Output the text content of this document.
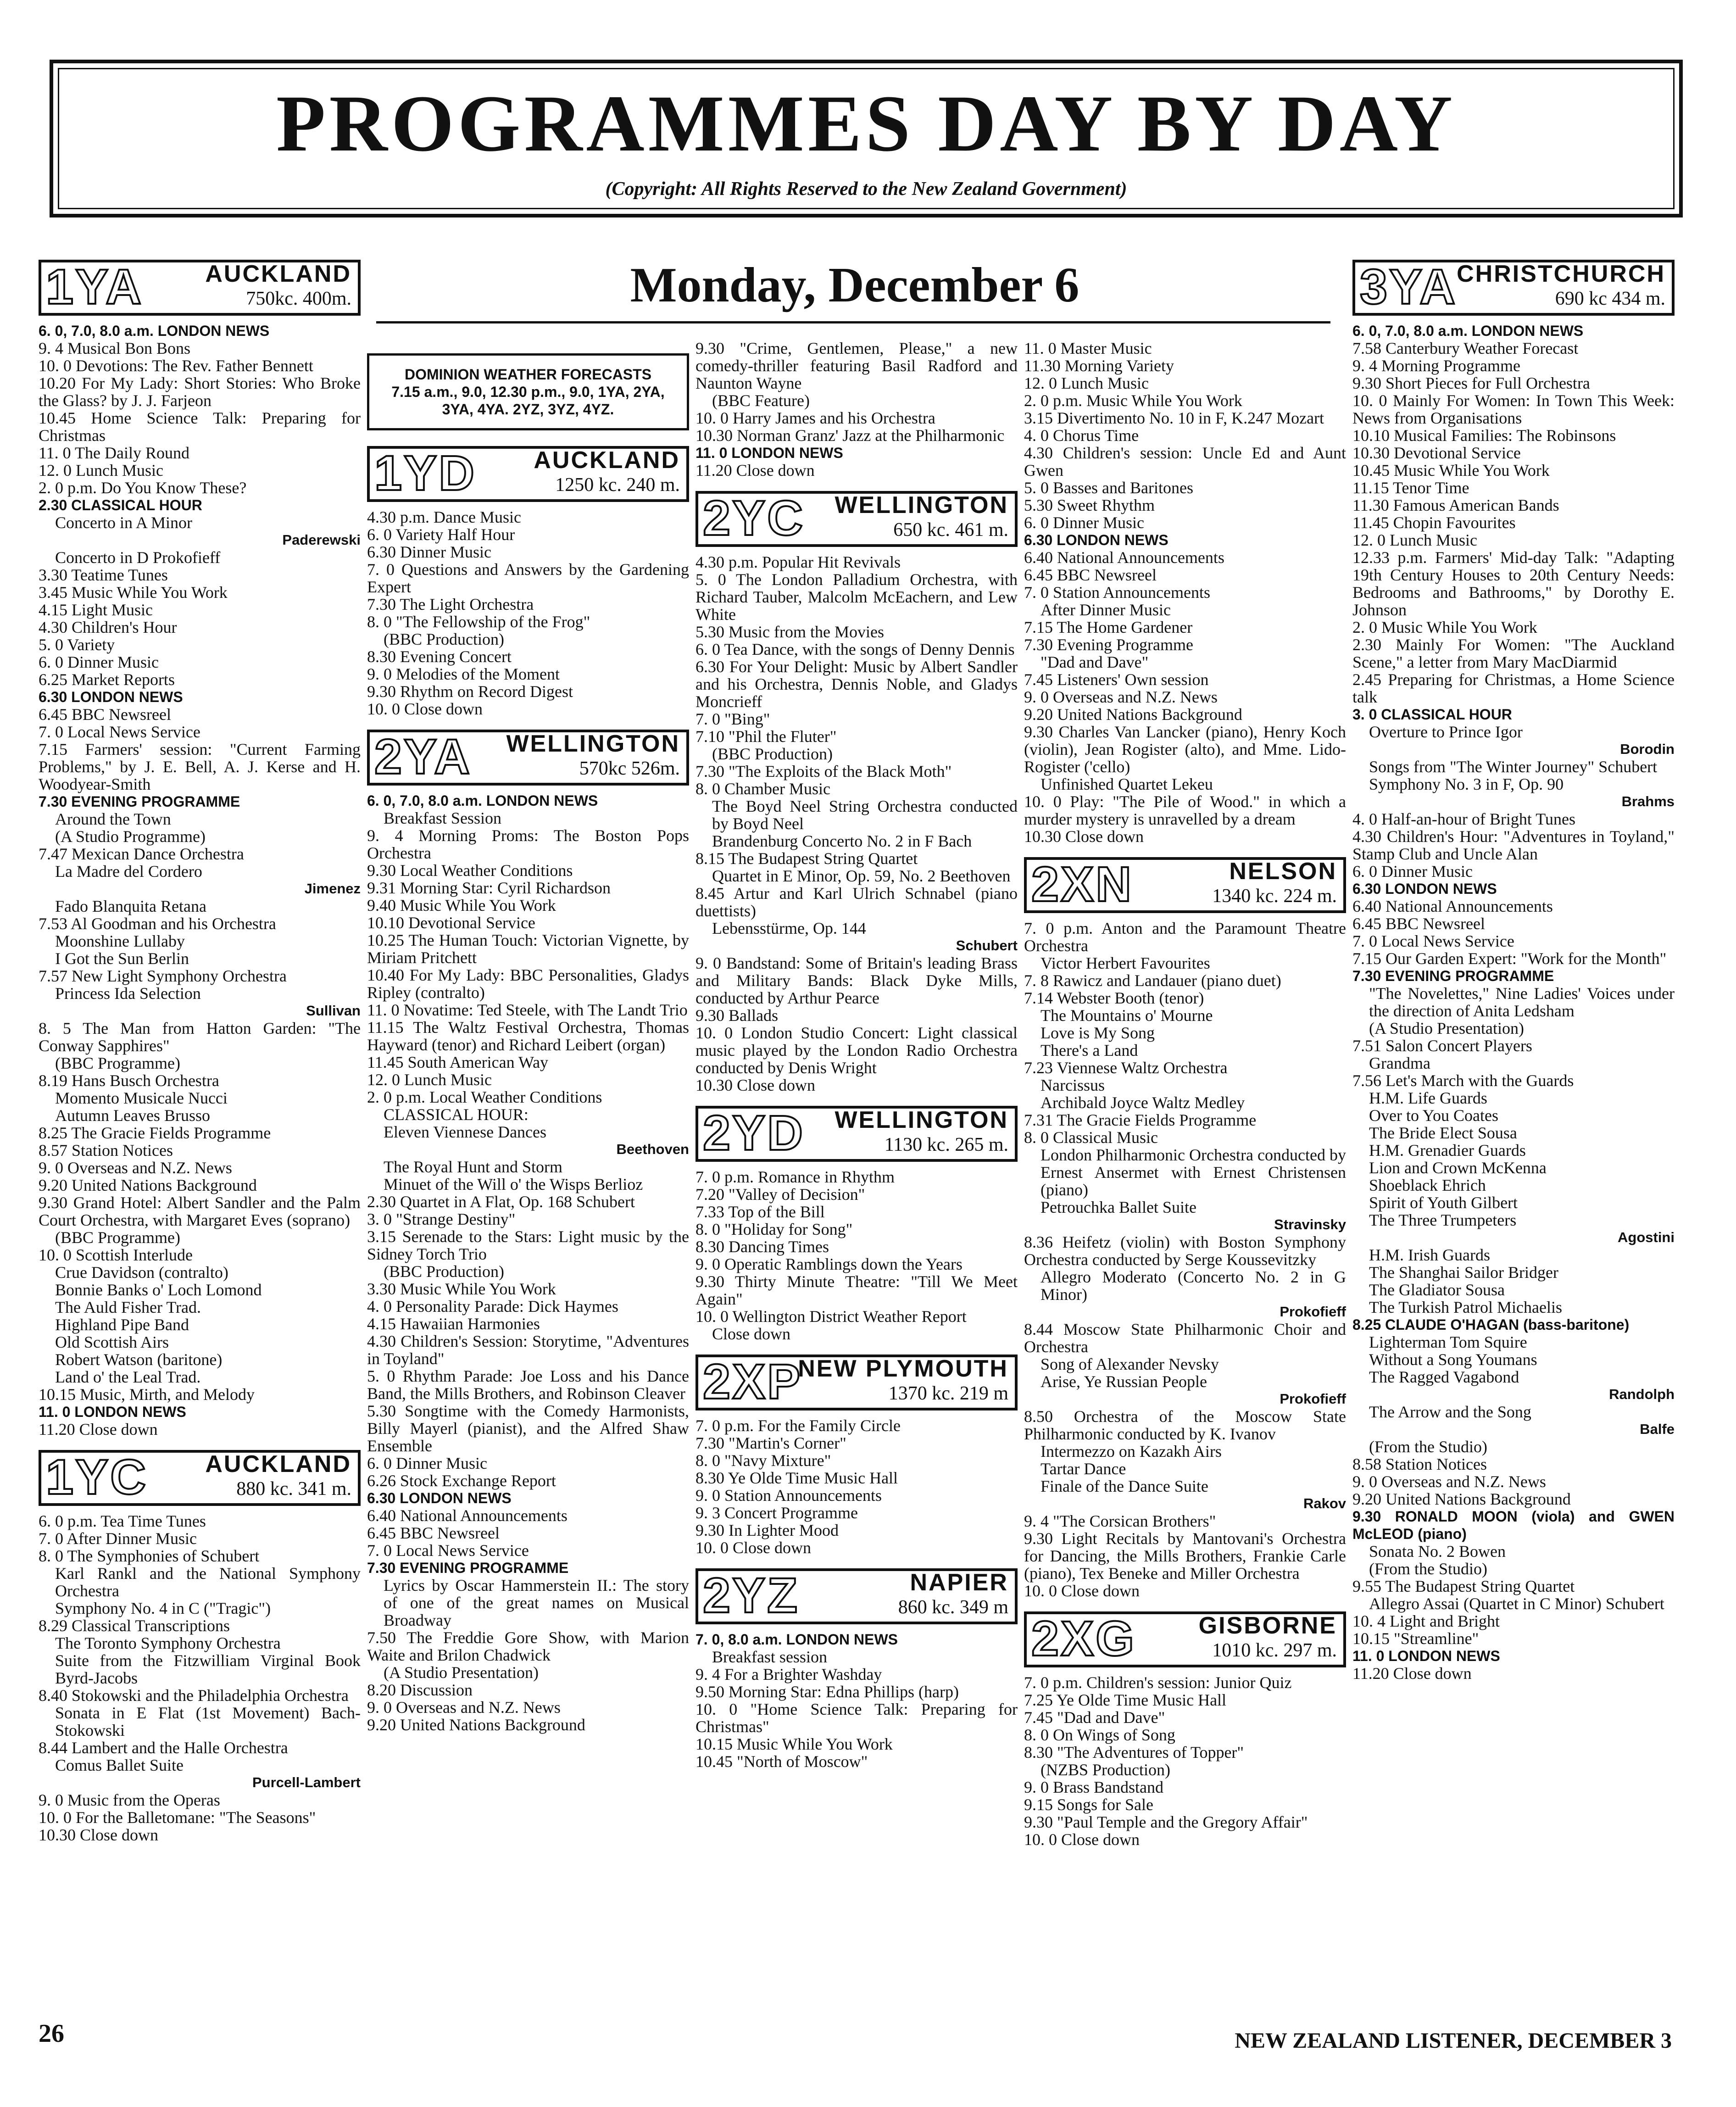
PROGRAMMES DAY BY DAY
(Copyright: All Rights Reserved to the New Zealand Government)
Monday, December 6
1YA	AUCKLAND
750kc. 400m.

6. 0, 7.0, 8.0 a.m. LONDON NEWS

9. 4 Musical Bon Bons

10. 0 Devotions: The Rev. Father Bennett

10.20 For My Lady: Short Stories: Who Broke the Glass? by J. J. Farjeon

10.45 Home Science Talk: Preparing for Christmas

11. 0 The Daily Round

12. 0 Lunch Music

2. 0 p.m. Do You Know These?

2.30 CLASSICAL HOUR

Concerto in A Minor

Paderewski

Concerto in D Prokofieff

3.30 Teatime Tunes

3.45 Music While You Work

4.15 Light Music

4.30 Children's Hour

5. 0 Variety

6. 0 Dinner Music

6.25 Market Reports

6.30 LONDON NEWS

6.45 BBC Newsreel

7. 0 Local News Service

7.15 Farmers' session: "Current Farming Problems," by J. E. Bell, A. J. Kerse and H. Woodyear-Smith

7.30 EVENING PROGRAMME

Around the Town

(A Studio Programme)

7.47 Mexican Dance Orchestra

La Madre del Cordero

Jimenez

Fado Blanquita Retana

7.53 Al Goodman and his Orchestra

Moonshine Lullaby

I Got the Sun Berlin

7.57 New Light Symphony Orchestra

Princess Ida Selection

Sullivan

8. 5 The Man from Hatton Garden: "The Conway Sapphires"

(BBC Programme)

8.19 Hans Busch Orchestra

Momento Musicale Nucci

Autumn Leaves Brusso

8.25 The Gracie Fields Programme

8.57 Station Notices

9. 0 Overseas and N.Z. News

9.20 United Nations Background

9.30 Grand Hotel: Albert Sandler and the Palm Court Orchestra, with Margaret Eves (soprano)

(BBC Programme)

10. 0 Scottish Interlude

Crue Davidson (contralto)

Bonnie Banks o' Loch Lomond

The Auld Fisher Trad.

Highland Pipe Band

Old Scottish Airs

Robert Watson (baritone)

Land o' the Leal Trad.

10.15 Music, Mirth, and Melody

11. 0 LONDON NEWS

11.20 Close down

1YC AUCKLAND
880 kc. 341 m.

6. 0 p.m. Tea Time Tunes

7. 0 After Dinner Music

8. 0 The Symphonies of Schubert

Karl Rankl and the National Symphony Orchestra

Symphony No. 4 in C ("Tragic")

8.29 Classical Transcriptions

The Toronto Symphony Orchestra

Suite from the Fitzwilliam Virginal Book Byrd-Jacobs

8.40 Stokowski and the Philadelphia Orchestra

Sonata in E Flat (1st Movement) Bach-Stokowski

8.44 Lambert and the Halle Orchestra

Comus Ballet Suite

Purcell-Lambert

9. 0 Music from the Operas

10. 0 For the Balletomane: "The Seasons"

10.30 Close down

DOMINION WEATHER FORECASTS
7.15 a.m., 9.0, 12.30 p.m., 9.0, 1YA, 2YA, 3YA, 4YA. 2YZ, 3YZ, 4YZ.
1YD AUCKLAND
1250 kc. 240 m.

4.30 p.m. Dance Music

6. 0 Variety Half Hour

6.30 Dinner Music

7. 0 Questions and Answers by the Gardening Expert

7.30 The Light Orchestra

8. 0 "The Fellowship of the Frog"

(BBC Production)

8.30 Evening Concert

9. 0 Melodies of the Moment

9.30 Rhythm on Record Digest

10. 0 Close down

2YA WELLINGTON
570kc 526m.

6. 0, 7.0, 8.0 a.m. LONDON NEWS

Breakfast Session

9. 4 Morning Proms: The Boston Pops Orchestra

9.30 Local Weather Conditions

9.31 Morning Star: Cyril Richardson

9.40 Music While You Work

10.10 Devotional Service

10.25 The Human Touch: Victorian Vignette, by Miriam Pritchett

10.40 For My Lady: BBC Personalities, Gladys Ripley (contralto)

11. 0 Novatime: Ted Steele, with The Landt Trio

11.15 The Waltz Festival Orchestra, Thomas Hayward (tenor) and Richard Leibert (organ)

11.45 South American Way

12. 0 Lunch Music

2. 0 p.m. Local Weather Conditions

CLASSICAL HOUR:

Eleven Viennese Dances

Beethoven

The Royal Hunt and Storm

Minuet of the Will o' the Wisps Berlioz

2.30 Quartet in A Flat, Op. 168 Schubert

3. 0 "Strange Destiny"

3.15 Serenade to the Stars: Light music by the Sidney Torch Trio

(BBC Production)

3.30 Music While You Work

4. 0 Personality Parade: Dick Haymes

4.15 Hawaiian Harmonies

4.30 Children's Session: Storytime, "Adventures in Toyland"

5. 0 Rhythm Parade: Joe Loss and his Dance Band, the Mills Brothers, and Robinson Cleaver

5.30 Songtime with the Comedy Harmonists, Billy Mayerl (pianist), and the Alfred Shaw Ensemble

6. 0 Dinner Music

6.26 Stock Exchange Report

6.30 LONDON NEWS

6.40 National Announcements

6.45 BBC Newsreel

7. 0 Local News Service

7.30 EVENING PROGRAMME

Lyrics by Oscar Hammerstein II.: The story of one of the great names on Musical Broadway

7.50 The Freddie Gore Show, with Marion Waite and Brilon Chadwick

(A Studio Presentation)

8.20 Discussion

9. 0 Overseas and N.Z. News

9.20 United Nations Background

9.30 "Crime, Gentlemen, Please," a new comedy-thriller featuring Basil Radford and Naunton Wayne

(BBC Feature)

10. 0 Harry James and his Orchestra

10.30 Norman Granz' Jazz at the Philharmonic

11. 0 LONDON NEWS

11.20 Close down

2YC WELLINGTON
650 kc. 461 m.

4.30 p.m. Popular Hit Revivals

5. 0 The London Palladium Orchestra, with Richard Tauber, Malcolm McEachern, and Lew White

5.30 Music from the Movies

6. 0 Tea Dance, with the songs of Denny Dennis

6.30 For Your Delight: Music by Albert Sandler and his Orchestra, Dennis Noble, and Gladys Moncrieff

7. 0 "Bing"

7.10 "Phil the Fluter"

(BBC Production)

7.30 "The Exploits of the Black Moth"

8. 0 Chamber Music

The Boyd Neel String Orchestra conducted by Boyd Neel

Brandenburg Concerto No. 2 in F Bach

8.15 The Budapest String Quartet

Quartet in E Minor, Op. 59, No. 2 Beethoven

8.45 Artur and Karl Ulrich Schnabel (piano duettists)

Lebensstürme, Op. 144

Schubert

9. 0 Bandstand: Some of Britain's leading Brass and Military Bands: Black Dyke Mills, conducted by Arthur Pearce

9.30 Ballads

10. 0 London Studio Concert: Light classical music played by the London Radio Orchestra conducted by Denis Wright

10.30 Close down

2YD WELLINGTON
1130 kc. 265 m.

7. 0 p.m. Romance in Rhythm

7.20 "Valley of Decision"

7.33 Top of the Bill

8. 0 "Holiday for Song"

8.30 Dancing Times

9. 0 Operatic Ramblings down the Years

9.30 Thirty Minute Theatre: "Till We Meet Again"

10. 0 Wellington District Weather Report

Close down

2XP
NEW PLYMOUTH
1370 kc. 219 m

7. 0 p.m. For the Family Circle

7.30 "Martin's Corner"

8. 0 "Navy Mixture"

8.30 Ye Olde Time Music Hall

9. 0 Station Announcements

9. 3 Concert Programme

9.30 In Lighter Mood

10. 0 Close down

2YZ	NAPIER
860 kc. 349 m

7. 0, 8.0 a.m. LONDON NEWS

Breakfast session

9. 4 For a Brighter Washday

9.50 Morning Star: Edna Phillips (harp)

10. 0 "Home Science Talk: Preparing for Christmas"

10.15 Music While You Work

10.45 "North of Moscow"

11. 0 Master Music

11.30 Morning Variety

12. 0 Lunch Music

2. 0 p.m. Music While You Work

3.15 Divertimento No. 10 in F, K.247 Mozart

4. 0 Chorus Time

4.30 Children's session: Uncle Ed and Aunt Gwen

5. 0 Basses and Baritones

5.30 Sweet Rhythm

6. 0 Dinner Music

6.30 LONDON NEWS

6.40 National Announcements

6.45 BBC Newsreel

7. 0 Station Announcements

After Dinner Music

7.15 The Home Gardener

7.30 Evening Programme

"Dad and Dave"

7.45 Listeners' Own session

9. 0 Overseas and N.Z. News

9.20 United Nations Background

9.30 Charles Van Lancker (piano), Henry Koch (violin), Jean Rogister (alto), and Mme. Lido-Rogister ('cello)

Unfinished Quartet Lekeu

10. 0 Play: "The Pile of Wood." in which a murder mystery is unravelled by a dream

10.30 Close down

2XN	NELSON
1340 kc. 224 m.

7. 0 p.m. Anton and the Paramount Theatre Orchestra

Victor Herbert Favourites

7. 8 Rawicz and Landauer (piano duet)

7.14 Webster Booth (tenor)

The Mountains o' Mourne

Love is My Song

There's a Land

7.23 Viennese Waltz Orchestra

Narcissus

Archibald Joyce Waltz Medley

7.31 The Gracie Fields Programme

8. 0 Classical Music

London Philharmonic Orchestra conducted by Ernest Ansermet with Ernest Christensen (piano)

Petrouchka Ballet Suite

Stravinsky

8.36 Heifetz (violin) with Boston Symphony Orchestra conducted by Serge Koussevitzky

Allegro Moderato (Concerto No. 2 in G Minor)

Prokofieff

8.44 Moscow State Philharmonic Choir and Orchestra

Song of Alexander Nevsky

Arise, Ye Russian People

Prokofieff

8.50 Orchestra of the Moscow State Philharmonic conducted by K. Ivanov

Intermezzo on Kazakh Airs

Tartar Dance

Finale of the Dance Suite

Rakov

9. 4 "The Corsican Brothers"

9.30 Light Recitals by Mantovani's Orchestra for Dancing, the Mills Brothers, Frankie Carle (piano), Tex Beneke and Miller Orchestra

10. 0 Close down

2XG	GISBORNE
1010 kc. 297 m.

7. 0 p.m. Children's session: Junior Quiz

7.25 Ye Olde Time Music Hall

7.45 "Dad and Dave"

8. 0 On Wings of Song

8.30 "The Adventures of Topper"

(NZBS Production)

9. 0 Brass Bandstand

9.15 Songs for Sale

9.30 "Paul Temple and the Gregory Affair"

10. 0 Close down

3YA
CHRISTCHURCH
690 kc 434 m.

6. 0, 7.0, 8.0 a.m. LONDON NEWS

7.58 Canterbury Weather Forecast

9. 4 Morning Programme

9.30 Short Pieces for Full Orchestra

10. 0 Mainly For Women: In Town This Week: News from Organisations

10.10 Musical Families: The Robinsons

10.30 Devotional Service

10.45 Music While You Work

11.15 Tenor Time

11.30 Famous American Bands

11.45 Chopin Favourites

12. 0 Lunch Music

12.33 p.m. Farmers' Mid-day Talk: "Adapting 19th Century Houses to 20th Century Needs: Bedrooms and Bathrooms," by Dorothy E. Johnson

2. 0 Music While You Work

2.30 Mainly For Women: "The Auckland Scene," a letter from Mary MacDiarmid

2.45 Preparing for Christmas, a Home Science talk

3. 0 CLASSICAL HOUR

Overture to Prince Igor

Borodin

Songs from "The Winter Journey" Schubert

Symphony No. 3 in F, Op. 90

Brahms

4. 0 Half-an-hour of Bright Tunes

4.30 Children's Hour: "Adventures in Toyland," Stamp Club and Uncle Alan

6. 0 Dinner Music

6.30 LONDON NEWS

6.40 National Announcements

6.45 BBC Newsreel

7. 0 Local News Service

7.15 Our Garden Expert: "Work for the Month"

7.30 EVENING PROGRAMME

"The Novelettes," Nine Ladies' Voices under the direction of Anita Ledsham

(A Studio Presentation)

7.51 Salon Concert Players

Grandma

7.56 Let's March with the Guards

H.M. Life Guards

Over to You Coates

The Bride Elect Sousa

H.M. Grenadier Guards

Lion and Crown McKenna

Shoeblack Ehrich

Spirit of Youth Gilbert

The Three Trumpeters

Agostini

H.M. Irish Guards

The Shanghai Sailor Bridger

The Gladiator Sousa

The Turkish Patrol Michaelis

8.25 CLAUDE O'HAGAN (bass-baritone)

Lighterman Tom Squire

Without a Song Youmans

The Ragged Vagabond

Randolph

The Arrow and the Song

Balfe

(From the Studio)

8.58 Station Notices

9. 0 Overseas and N.Z. News

9.20 United Nations Background

9.30 RONALD MOON (viola) and GWEN McLEOD (piano)

Sonata No. 2 Bowen

(From the Studio)

9.55 The Budapest String Quartet

Allegro Assai (Quartet in C Minor) Schubert

10. 4 Light and Bright

10.15 "Streamline"

11. 0 LONDON NEWS

11.20 Close down

26	NEW ZEALAND LISTENER, DECEMBER 3
